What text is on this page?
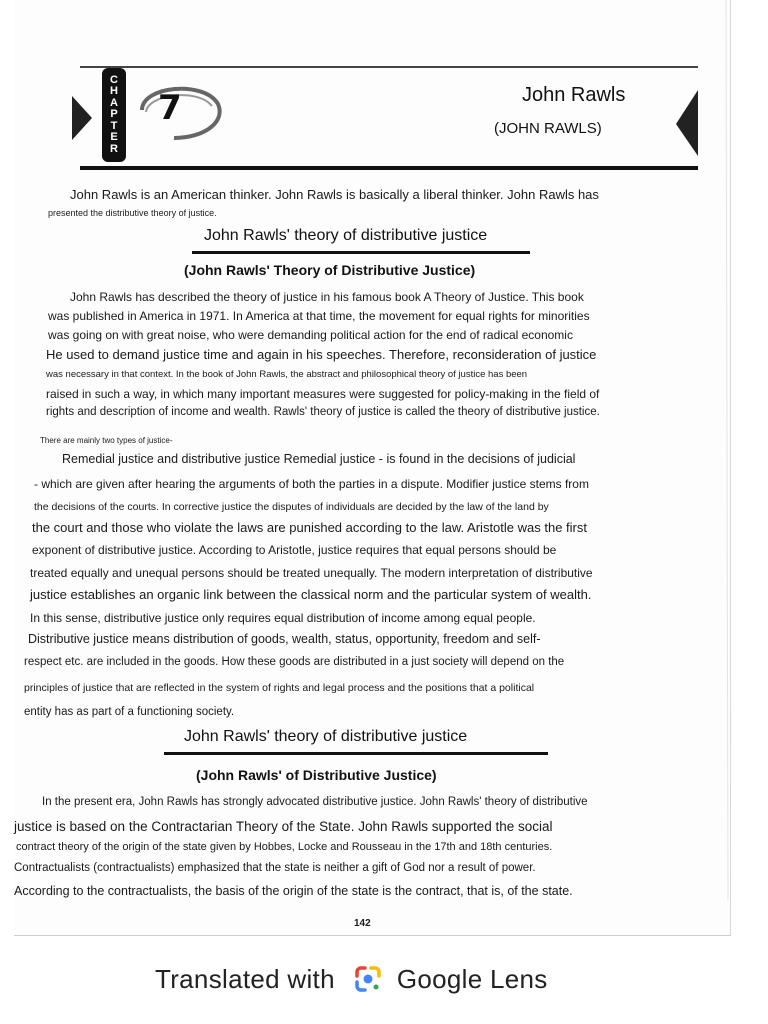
C
H
A
P
T
E
R
7	John Rawls
(JOHN RAWLS)
John Rawls is an American thinker. John Rawls is basically a liberal thinker. John Rawls has
presented the distributive theory of justice.
John Rawls' theory of distributive justice
(John Rawls' Theory of Distributive Justice)
John Rawls has described the theory of justice in his famous book A Theory of Justice. This book
was published in America in 1971. In America at that time, the movement for equal rights for minorities
was going on with great noise, who were demanding political action for the end of radical economic
He used to demand justice time and again in his speeches. Therefore, reconsideration of justice
was necessary in that context. In the book of John Rawls, the abstract and philosophical theory of justice has been
raised in such a way, in which many important measures were suggested for policy-making in the field of
rights and description of income and wealth. Rawls' theory of justice is called the theory of distributive justice.
There are mainly two types of justice-
Remedial justice and distributive justice Remedial justice - is found in the decisions of judicial
- which are given after hearing the arguments of both the parties in a dispute. Modifier justice stems from
the decisions of the courts. In corrective justice the disputes of individuals are decided by the law of the land by
the court and those who violate the laws are punished according to the law. Aristotle was the first
exponent of distributive justice. According to Aristotle, justice requires that equal persons should be
treated equally and unequal persons should be treated unequally. The modern interpretation of distributive
justice establishes an organic link between the classical norm and the particular system of wealth.
In this sense, distributive justice only requires equal distribution of income among equal people.
Distributive justice means distribution of goods, wealth, status, opportunity, freedom and self-
respect etc. are included in the goods. How these goods are distributed in a just society will depend on the
principles of justice that are reflected in the system of rights and legal process and the positions that a political
entity has as part of a functioning society.
John Rawls' theory of distributive justice
(John Rawls' of Distributive Justice)
In the present era, John Rawls has strongly advocated distributive justice. John Rawls' theory of distributive
justice is based on the Contractarian Theory of the State. John Rawls supported the social
contract theory of the origin of the state given by Hobbes, Locke and Rousseau in the 17th and 18th centuries.
Contractualists (contractualists) emphasized that the state is neither a gift of God nor a result of power.
According to the contractualists, the basis of the origin of the state is the contract, that is, of the state.
142
Translated with Google Lens
